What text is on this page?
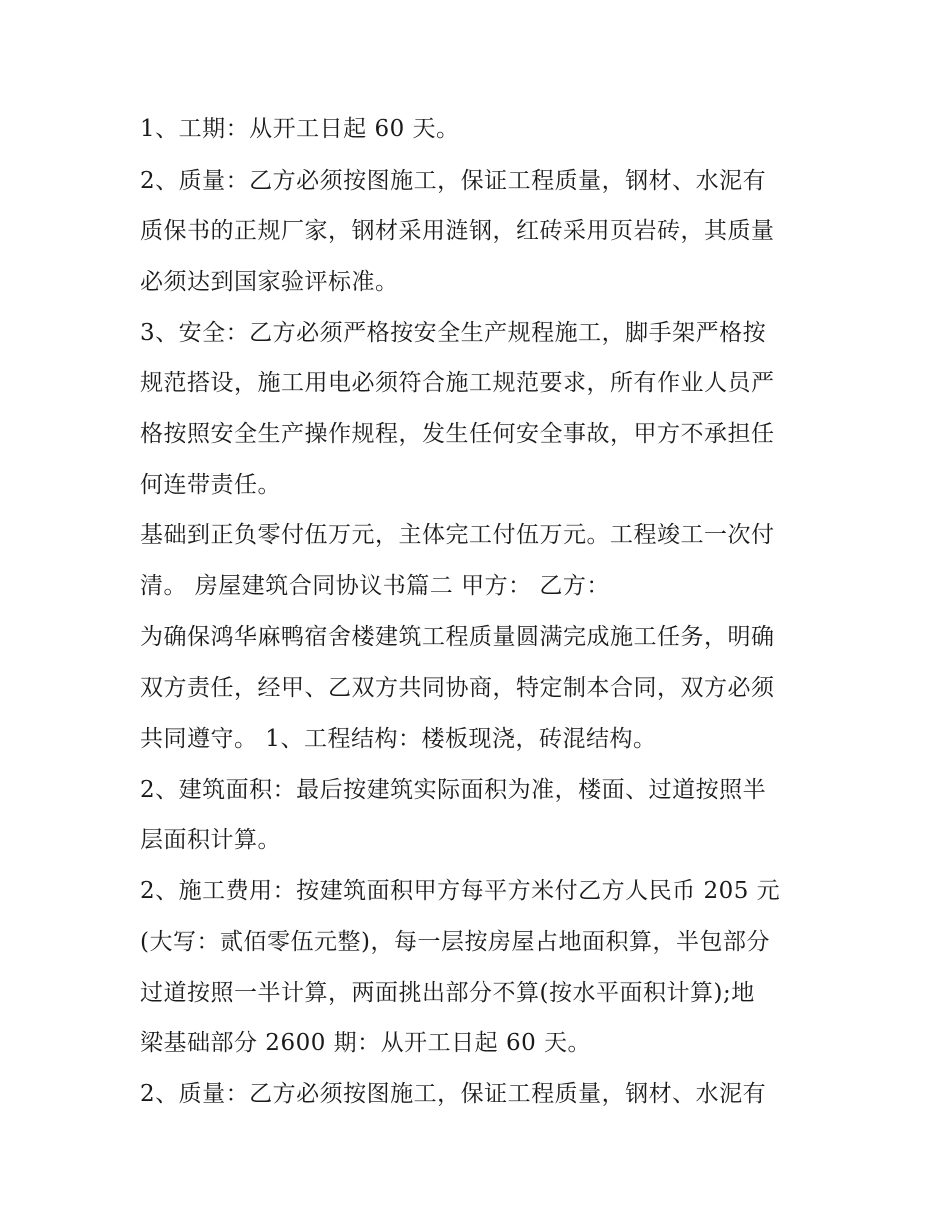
1、工期：从开工日起 60 天。
2、质量：乙方必须按图施工，保证工程质量，钢材、水泥有
质保书的正规厂家，钢材采用涟钢，红砖采用页岩砖，其质量
必须达到国家验评标准。
3、安全：乙方必须严格按安全生产规程施工，脚手架严格按
规范搭设，施工用电必须符合施工规范要求，所有作业人员严
格按照安全生产操作规程，发生任何安全事故，甲方不承担任
何连带责任。
基础到正负零付伍万元，主体完工付伍万元。工程竣工一次付
清。 房屋建筑合同协议书篇二 甲方： 乙方：
为确保鸿华麻鸭宿舍楼建筑工程质量圆满完成施工任务，明确
双方责任，经甲、乙双方共同协商，特定制本合同，双方必须
共同遵守。 1、工程结构：楼板现浇，砖混结构。
2、建筑面积：最后按建筑实际面积为准，楼面、过道按照半
层面积计算。
2、施工费用：按建筑面积甲方每平方米付乙方人民币 205 元
(大写：贰佰零伍元整)，每一层按房屋占地面积算，半包部分
过道按照一半计算，两面挑出部分不算(按水平面积计算);地
梁基础部分 2600 期：从开工日起 60 天。
2、质量：乙方必须按图施工，保证工程质量，钢材、水泥有
